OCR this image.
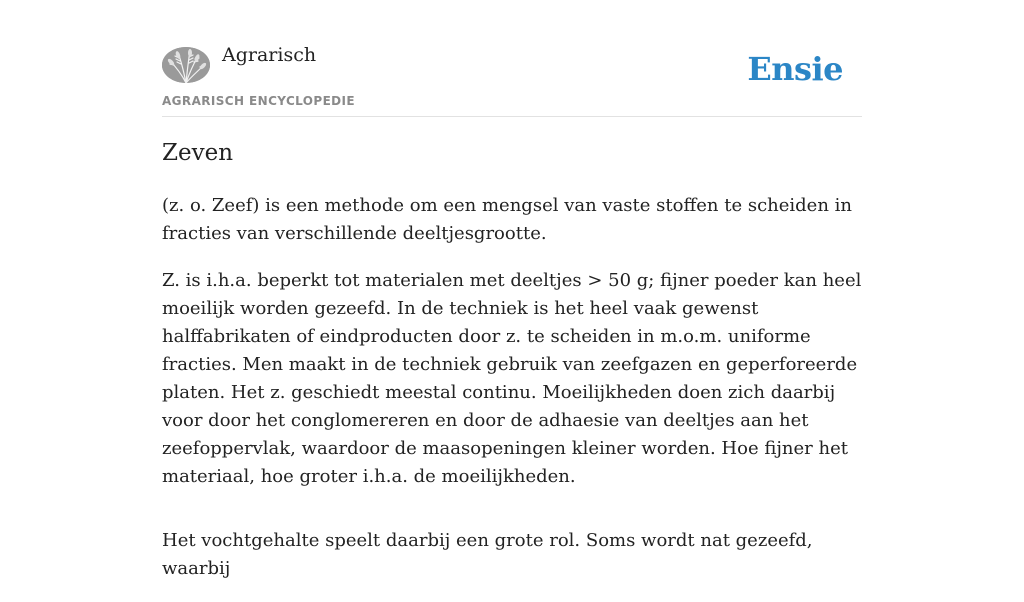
Agrarisch
AGRARISCH ENCYCLOPEDIE
Ensie
Zeven

(z. o. Zeef) is een methode om een mengsel van vaste stoffen te scheiden in fracties van verschillende deeltjesgrootte.

Z. is i.h.a. beperkt tot materialen met deeltjes > 50 g; fijner poeder kan heel moeilijk worden gezeefd. In de techniek is het heel vaak gewenst halffabrikaten of eindproducten door z. te scheiden in m.o.m. uniforme fracties. Men maakt in de techniek gebruik van zeefgazen en geperforeerde platen. Het z. geschiedt meestal continu. Moeilijkheden doen zich daarbij voor door het conglomereren en door de adhaesie van deeltjes aan het zeefoppervlak, waardoor de maasopeningen kleiner worden. Hoe fijner het materiaal, hoe groter i.h.a. de moeilijkheden.

Het vochtgehalte speelt daarbij een grote rol. Soms wordt nat gezeefd, waarbij
